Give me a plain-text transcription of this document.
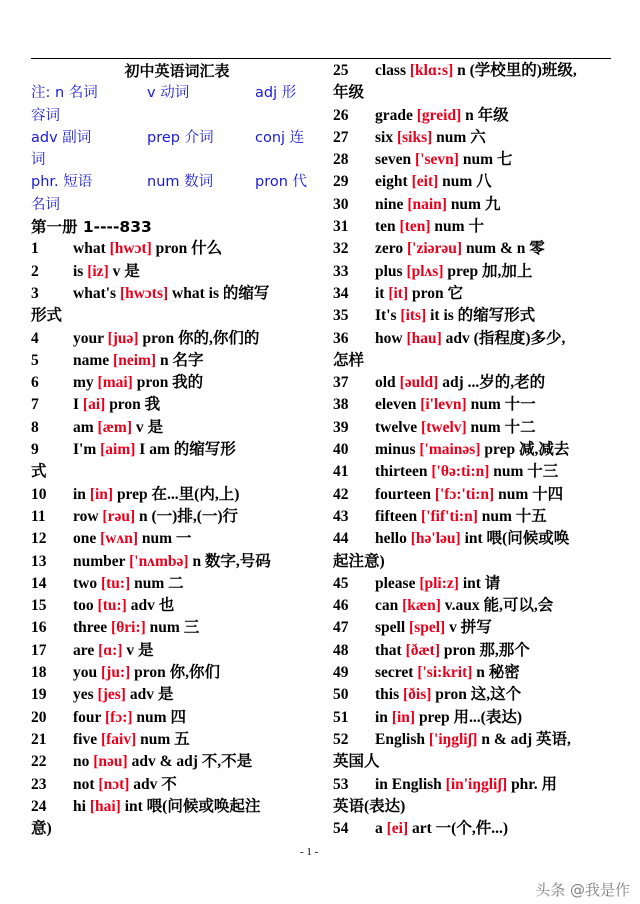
初中英语词汇表
注: n 名词	v 动词	adj 形
容词
adv 副词	prep 介词	conj 连
词
phr. 短语	num 数词	pron 代
名词
第一册 1----833
1 what [hwɔt] pron 什么
2 is [iz] v 是
3 what's [hwɔts] what is 的缩写
形式
4 your [juə] pron 你的,你们的
5 name [neim] n 名字
6 my [mai] pron 我的
7 I [ai] pron 我
8 am [æm] v 是
9 I'm [aim] I am 的缩写形
式
10 in [in] prep 在...里(内,上)
11 row [rəu] n (一)排,(一)行
12 one [wʌn] num 一
13 number ['nʌmbə] n 数字,号码
14 two [tu:] num 二
15 too [tu:] adv 也
16 three [θri:] num 三
17 are [ɑ:] v 是
18 you [ju:] pron 你,你们
19 yes [jes] adv 是
20 four [fɔ:] num 四
21 five [faiv] num 五
22 no [nəu] adv & adj 不,不是
23 not [nɔt] adv 不
24 hi [hai] int 喂(问候或唤起注
意)
25 class [klɑ:s] n (学校里的)班级,
年级
26 grade [greid] n 年级
27 six [siks] num 六
28 seven ['sevn] num 七
29 eight [eit] num 八
30 nine [nain] num 九
31 ten [ten] num 十
32 zero ['ziərəu] num & n 零
33 plus [plʌs] prep 加,加上
34 it [it] pron 它
35 It's [its] it is 的缩写形式
36 how [hau] adv (指程度)多少,
怎样
37 old [əuld] adj ...岁的,老的
38 eleven [i'levn] num 十一
39 twelve [twelv] num 十二
40 minus ['mainəs] prep 减,减去
41 thirteen ['θə:ti:n] num 十三
42 fourteen ['fɔ:'ti:n] num 十四
43 fifteen ['fif'ti:n] num 十五
44 hello [hə'ləu] int 喂(问候或唤
起注意)
45 please [pli:z] int 请
46 can [kæn] v.aux 能,可以,会
47 spell [spel] v 拼写
48 that [ðæt] pron 那,那个
49 secret ['si:krit] n 秘密
50 this [ðis] pron 这,这个
51 in [in] prep 用...(表达)
52 English ['iŋgliʃ] n & adj 英语,
英国人
53 in English [in'iŋgliʃ] phr. 用
英语(表达)
54 a [ei] art 一(个,件...)
- 1 -
头条 @我是作
